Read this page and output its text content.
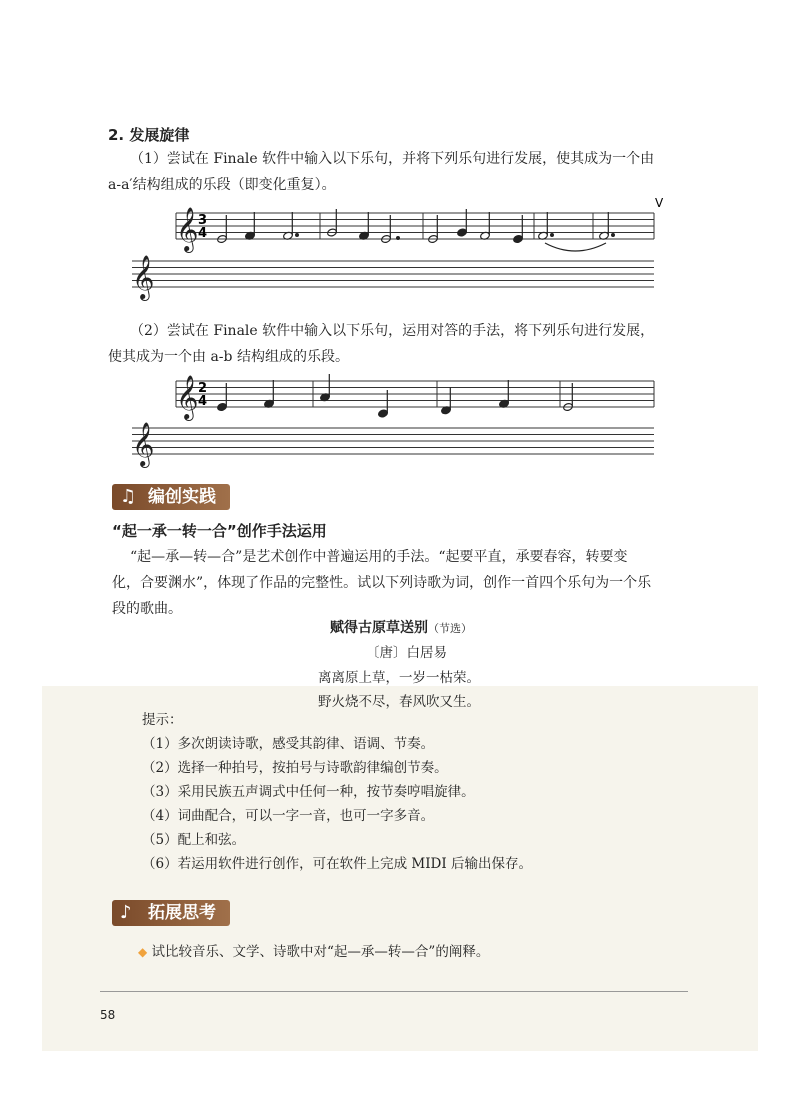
2. 发展旋律
（1）尝试在 Finale 软件中输入以下乐句，并将下列乐句进行发展，使其成为一个由
a-a′结构组成的乐段（即变化重复）。
𝄞 3
4
V
𝄞
（2）尝试在 Finale 软件中输入以下乐句，运用对答的手法，将下列乐句进行发展，
使其成为一个由 a-b 结构组成的乐段。
𝄞 2
4
𝄞
♫ 编创实践
“起一承一转一合”创作手法运用
“起—承—转—合”是艺术创作中普遍运用的手法。“起要平直，承要春容，转要变
化，合要渊水”，体现了作品的完整性。试以下列诗歌为词，创作一首四个乐句为一个乐
段的歌曲。
赋得古原草送别（节选）
〔唐〕白居易
离离原上草，一岁一枯荣。
野火烧不尽，春风吹又生。
提示：
（1）多次朗读诗歌，感受其韵律、语调、节奏。
（2）选择一种拍号，按拍号与诗歌韵律编创节奏。
（3）采用民族五声调式中任何一种，按节奏哼唱旋律。
（4）词曲配合，可以一字一音，也可一字多音。
（5）配上和弦。
（6）若运用软件进行创作，可在软件上完成 MIDI 后输出保存。
♪ 拓展思考
◆ 试比较音乐、文学、诗歌中对“起—承—转—合”的阐释。
58
